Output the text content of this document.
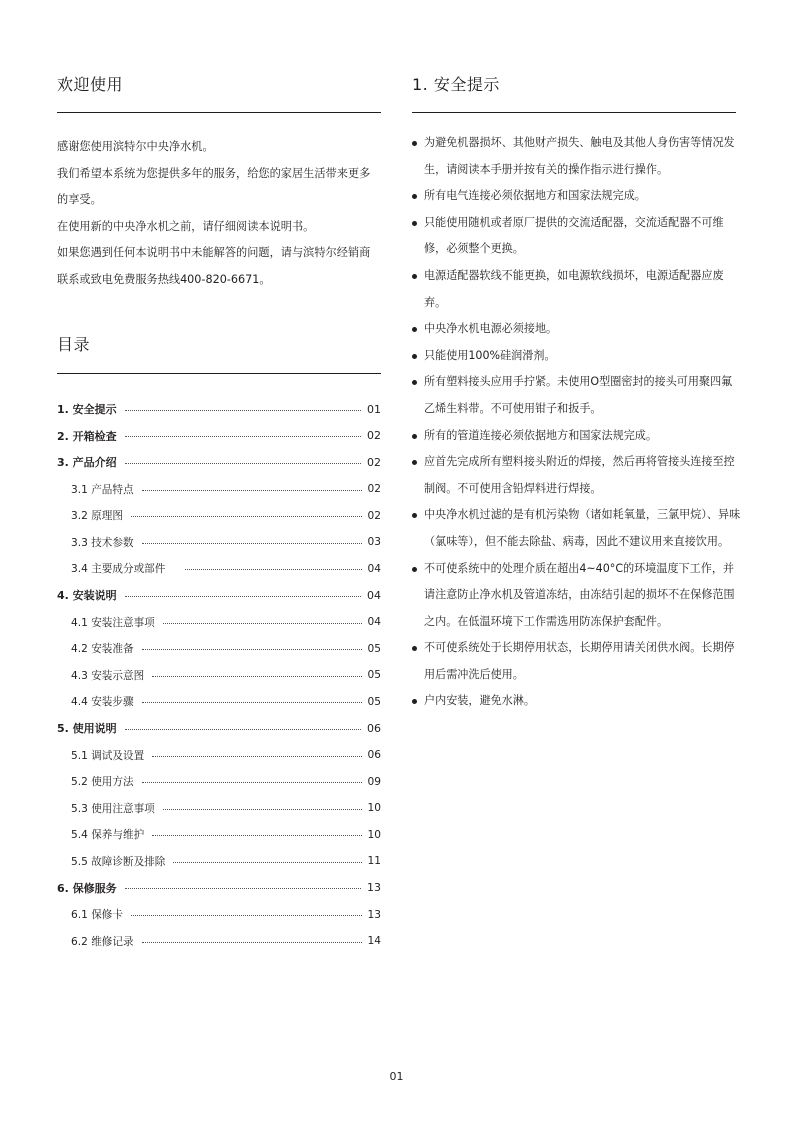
欢迎使用

感谢您使用滨特尔中央净水机。

我们希望本系统为您提供多年的服务，给您的家居生活带来更多的享受。

在使用新的中央净水机之前，请仔细阅读本说明书。

如果您遇到任何本说明书中未能解答的问题，请与滨特尔经销商联系或致电免费服务热线400-820-6671。

目录
1. 安全提示	01
2. 开箱检查	02
3. 产品介绍	02
3.1 产品特点	02
3.2 原理图	02
3.3 技术参数	03
3.4 主要成分或部件	04
4. 安装说明	04
4.1 安装注意事项	04
4.2 安装准备	05
4.3 安装示意图	05
4.4 安装步骤	05
5. 使用说明	06
5.1 调试及设置	06
5.2 使用方法	09
5.3 使用注意事项	10
5.4 保养与维护	10
5.5 故障诊断及排除	11
6. 保修服务	13
6.1 保修卡	13
6.2 维修记录	14
1. 安全提示
为避免机器损坏、其他财产损失、触电及其他人身伤害等情况发生，请阅读本手册并按有关的操作指示进行操作。
所有电气连接必须依据地方和国家法规完成。
只能使用随机或者原厂提供的交流适配器，交流适配器不可维修，必须整个更换。
电源适配器软线不能更换，如电源软线损坏，电源适配器应废弃。
中央净水机电源必须接地。
只能使用100%硅润滑剂。
所有塑料接头应用手拧紧。未使用O型圈密封的接头可用聚四氟乙烯生料带。不可使用钳子和扳手。
所有的管道连接必须依据地方和国家法规完成。
应首先完成所有塑料接头附近的焊接，然后再将管接头连接至控制阀。不可使用含铅焊料进行焊接。
中央净水机过滤的是有机污染物（诸如耗氧量，三氯甲烷）、异味（氯味等），但不能去除盐、病毒，因此不建议用来直接饮用。
不可使系统中的处理介质在超出4~40°C的环境温度下工作，并请注意防止净水机及管道冻结，由冻结引起的损坏不在保修范围之内。在低温环境下工作需选用防冻保护套配件。
不可使系统处于长期停用状态，长期停用请关闭供水阀。长期停用后需冲洗后使用。
户内安装，避免水淋。
01
